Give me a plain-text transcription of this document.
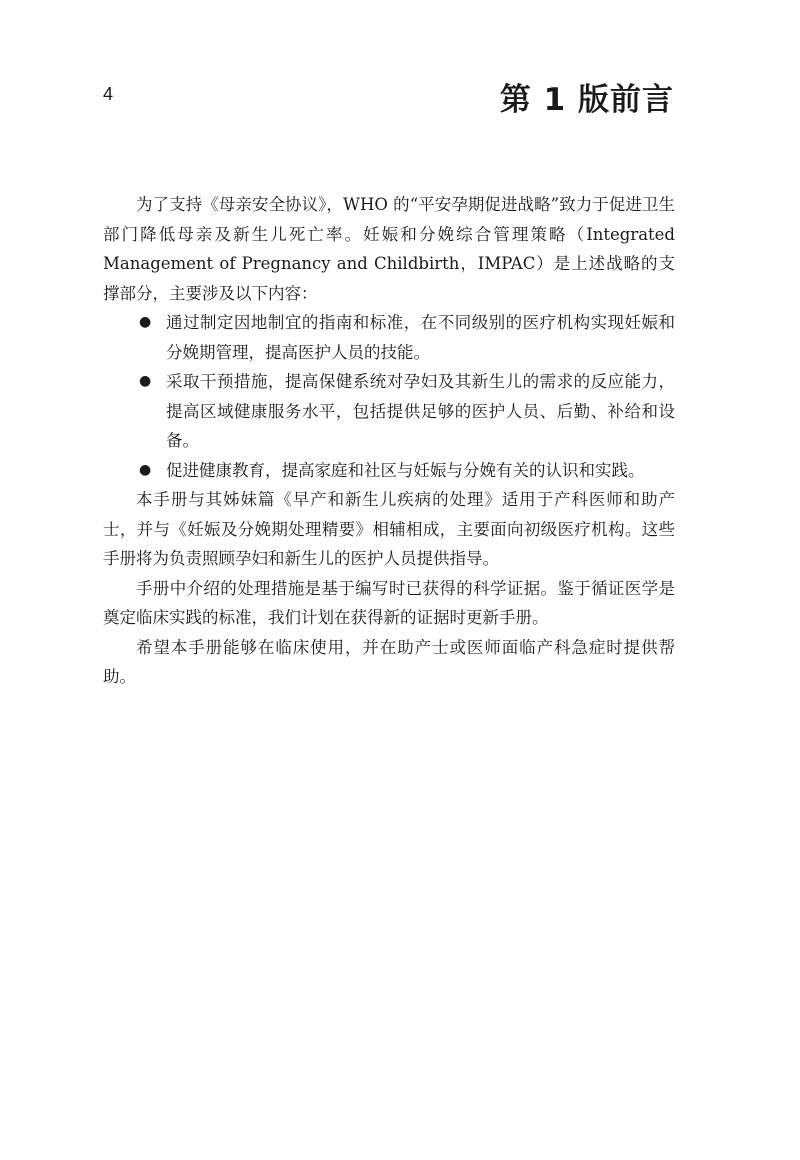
4	第 1 版前言

为了支持《母亲安全协议》，WHO 的“平安孕期促进战略”致力于促进卫生部门降低母亲及新生儿死亡率。妊娠和分娩综合管理策略（Integrated Management of Pregnancy and Childbirth，IMPAC）是上述战略的支撑部分，主要涉及以下内容：

● 通过制定因地制宜的指南和标准，在不同级别的医疗机构实现妊娠和分娩期管理，提高医护人员的技能。
● 采取干预措施，提高保健系统对孕妇及其新生儿的需求的反应能力，提高区域健康服务水平，包括提供足够的医护人员、后勤、补给和设备。
● 促进健康教育，提高家庭和社区与妊娠与分娩有关的认识和实践。

本手册与其姊妹篇《早产和新生儿疾病的处理》适用于产科医师和助产士，并与《妊娠及分娩期处理精要》相辅相成，主要面向初级医疗机构。这些手册将为负责照顾孕妇和新生儿的医护人员提供指导。

手册中介绍的处理措施是基于编写时已获得的科学证据。鉴于循证医学是奠定临床实践的标准，我们计划在获得新的证据时更新手册。

希望本手册能够在临床使用，并在助产士或医师面临产科急症时提供帮助。
